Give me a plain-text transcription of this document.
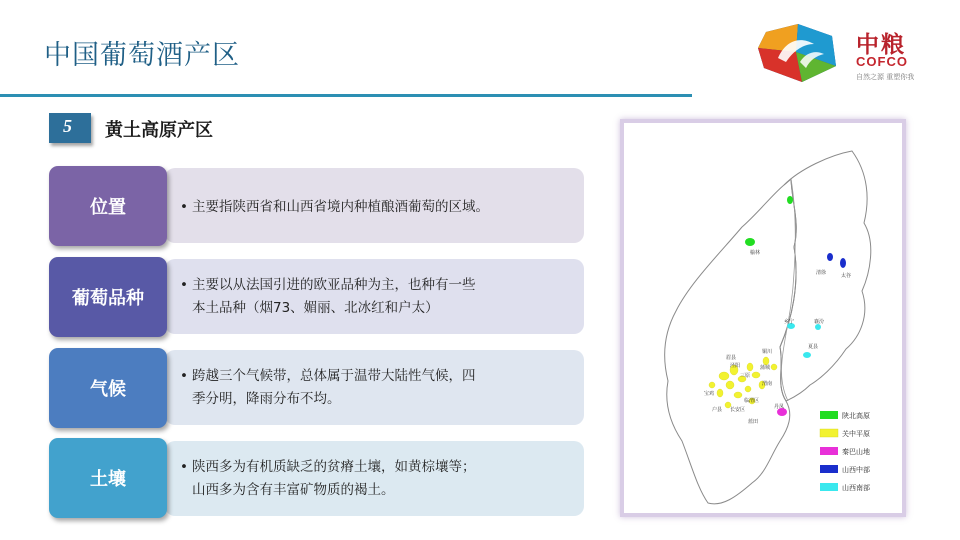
中国葡萄酒产区	中粮
COFCO
自然之源 重塑你我
5 黄土高原产区
位置	• 主要指陕西省和山西省境内种植酿酒葡萄的区域。
葡萄品种
• 主要以从法国引进的欧亚品种为主，也种有一些
本土品种（烟73、媚丽、北冰红和户太）
气候
• 跨越三个气候带，总体属于温带大陆性气候，四
季分明，降雨分布不均。
土壤
• 陕西多为有机质缺乏的贫瘠土壤，如黄棕壤等；
山西多为含有丰富矿物质的褐土。
榆林
清徐	太谷
乡宁	襄汾
夏县
宝鸡
泾阳
三原
蒲城
铜川
户县 长安区
临渭区
蓝田
渭南
丹凤
眉县
陕北高原
关中平原
秦巴山地
山西中部
山西南部
